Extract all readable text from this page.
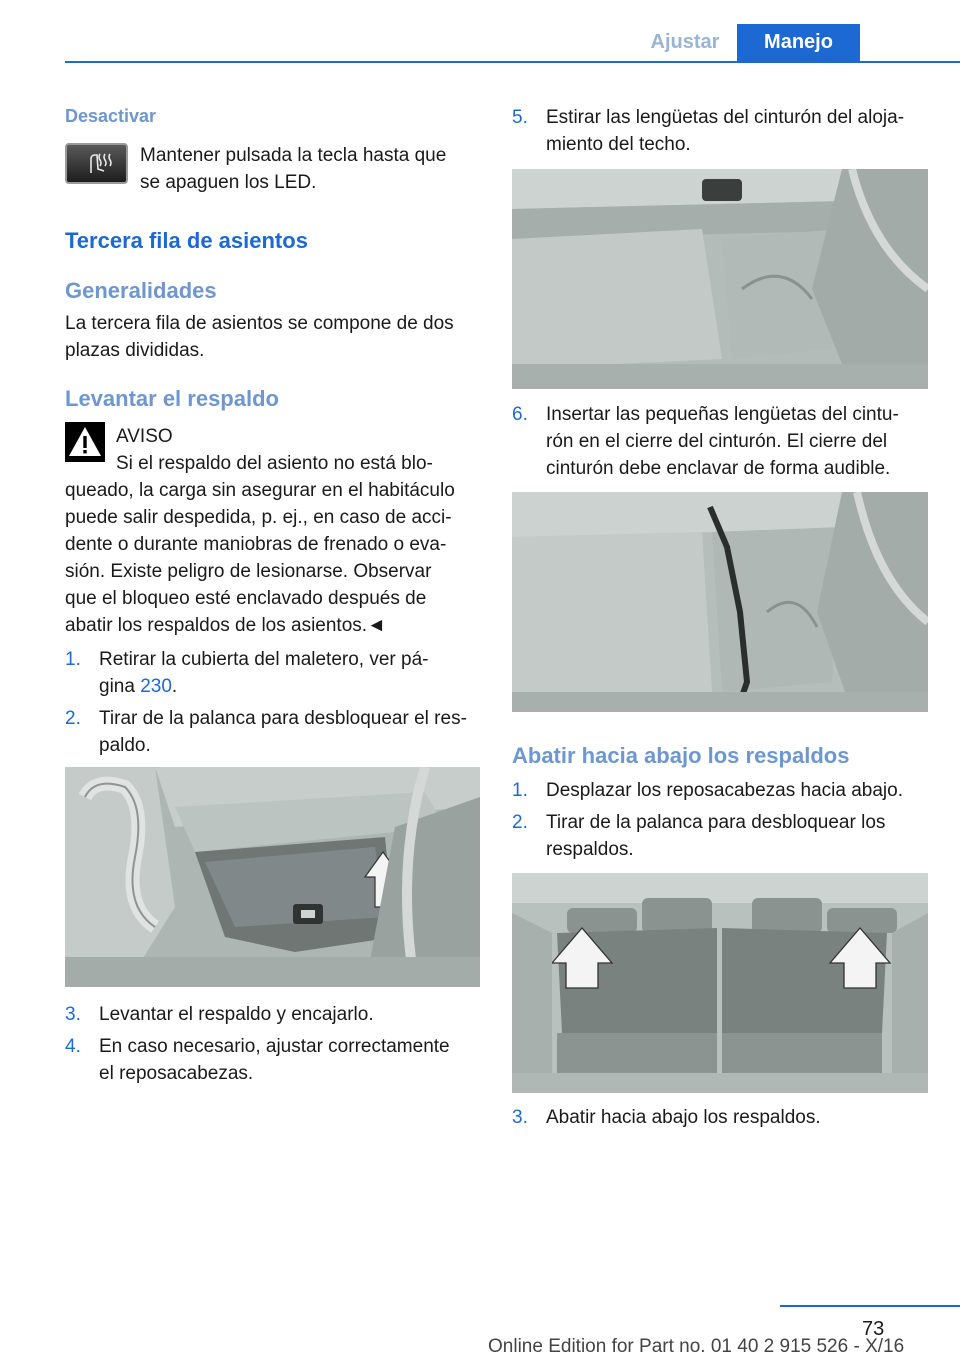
Ajustar	Manejo
Desactivar
Mantener pulsada la tecla hasta que
se apaguen los LED.
Tercera fila de asientos
Generalidades
La tercera fila de asientos se compone de dos
plazas divididas.
Levantar el respaldo
AVISO
Si el respaldo del asiento no está blo-
queado, la carga sin asegurar en el habitáculo
puede salir despedida, p. ej., en caso de acci-
dente o durante maniobras de frenado o eva-
sión. Existe peligro de lesionarse. Observar
que el bloqueo esté enclavado después de
abatir los respaldos de los asientos.◄
1. Retirar la cubierta del maletero, ver pá-
gina 230.
2. Tirar de la palanca para desbloquear el res-
paldo.
3. Levantar el respaldo y encajarlo.
4. En caso necesario, ajustar correctamente
el reposacabezas.
5. Estirar las lengüetas del cinturón del aloja-
miento del techo.
6. Insertar las pequeñas lengüetas del cintu-
rón en el cierre del cinturón. El cierre del
cinturón debe enclavar de forma audible.
Abatir hacia abajo los respaldos
1. Desplazar los reposacabezas hacia abajo.
2. Tirar de la palanca para desbloquear los
respaldos.
3. Abatir hacia abajo los respaldos.
73
Online Edition for Part no. 01 40 2 915 526 - X/16
